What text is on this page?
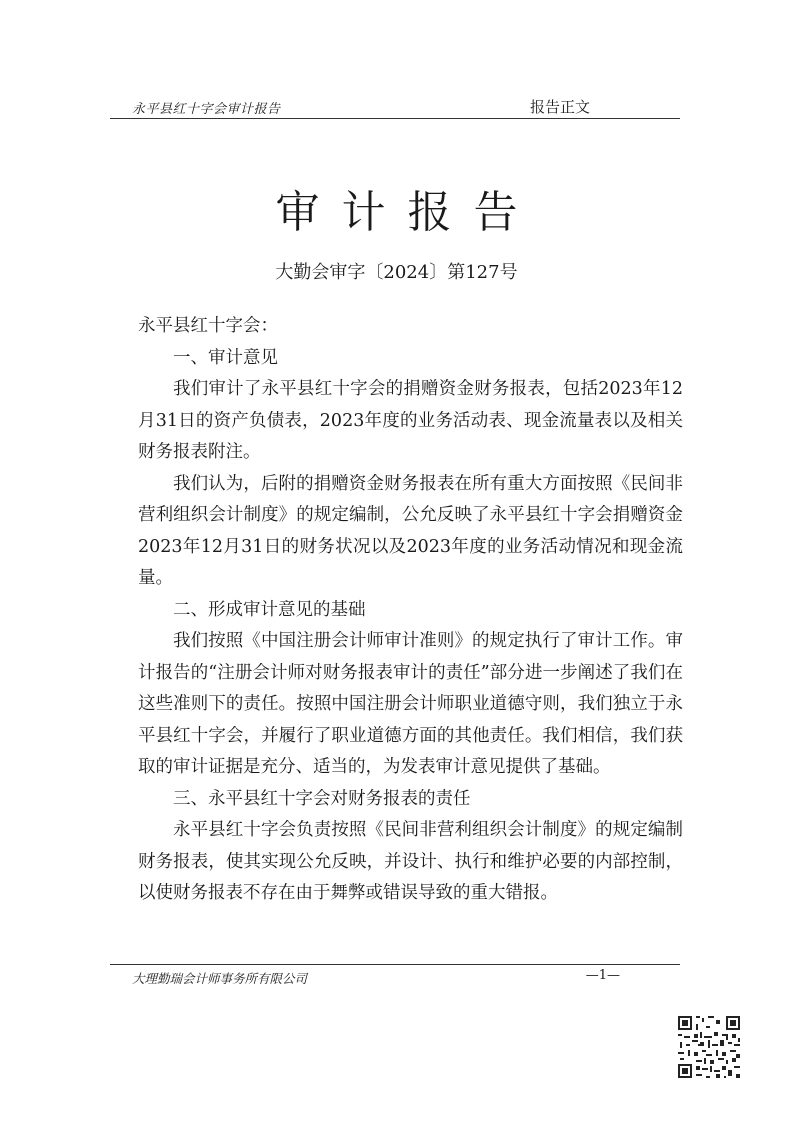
永平县红十字会审计报告	报告正文
审计报告
大勤会审字〔2024〕第127号

永平县红十字会：

一、审计意见

我们审计了永平县红十字会的捐赠资金财务报表，包括2023年12月31日的资产负债表，2023年度的业务活动表、现金流量表以及相关财务报表附注。

我们认为，后附的捐赠资金财务报表在所有重大方面按照《民间非营利组织会计制度》的规定编制，公允反映了永平县红十字会捐赠资金2023年12月31日的财务状况以及2023年度的业务活动情况和现金流量。

二、形成审计意见的基础

我们按照《中国注册会计师审计准则》的规定执行了审计工作。审计报告的“注册会计师对财务报表审计的责任”部分进一步阐述了我们在这些准则下的责任。按照中国注册会计师职业道德守则，我们独立于永平县红十字会，并履行了职业道德方面的其他责任。我们相信，我们获取的审计证据是充分、适当的，为发表审计意见提供了基础。

三、永平县红十字会对财务报表的责任

永平县红十字会负责按照《民间非营利组织会计制度》的规定编制财务报表，使其实现公允反映，并设计、执行和维护必要的内部控制，以使财务报表不存在由于舞弊或错误导致的重大错报。

大理勤瑞会计师事务所有限公司	—1—
